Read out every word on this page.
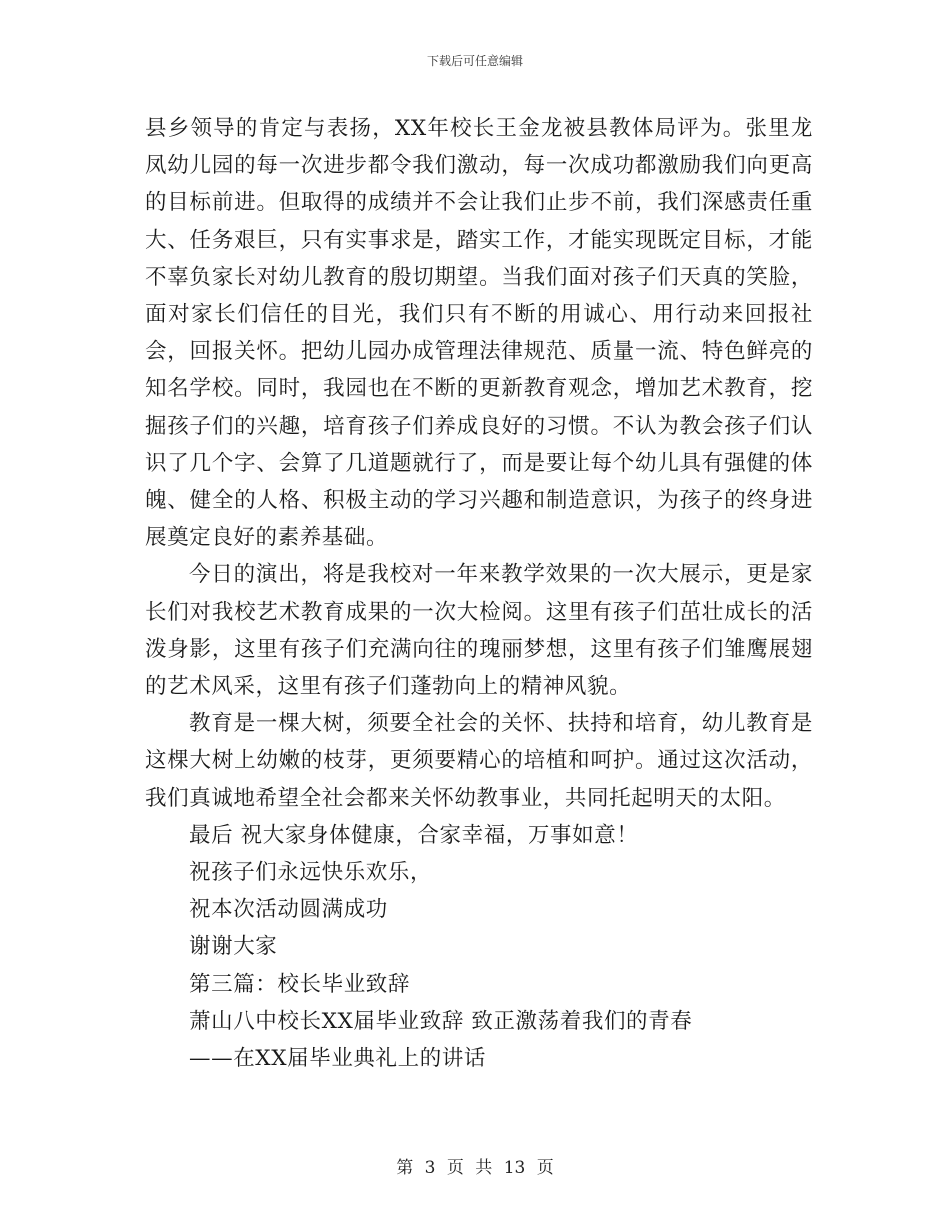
下载后可任意编辑

县乡领导的肯定与表扬，XX年校长王金龙被县教体局评为。张里龙凤幼儿园的每一次进步都令我们激动，每一次成功都激励我们向更高的目标前进。但取得的成绩并不会让我们止步不前，我们深感责任重大、任务艰巨，只有实事求是，踏实工作，才能实现既定目标，才能不辜负家长对幼儿教育的殷切期望。当我们面对孩子们天真的笑脸，面对家长们信任的目光，我们只有不断的用诚心、用行动来回报社会，回报关怀。把幼儿园办成管理法律规范、质量一流、特色鲜亮的知名学校。同时，我园也在不断的更新教育观念，增加艺术教育，挖掘孩子们的兴趣，培育孩子们养成良好的习惯。不认为教会孩子们认识了几个字、会算了几道题就行了，而是要让每个幼儿具有强健的体魄、健全的人格、积极主动的学习兴趣和制造意识，为孩子的终身进展奠定良好的素养基础。

今日的演出，将是我校对一年来教学效果的一次大展示，更是家长们对我校艺术教育成果的一次大检阅。这里有孩子们茁壮成长的活泼身影，这里有孩子们充满向往的瑰丽梦想，这里有孩子们雏鹰展翅的艺术风采，这里有孩子们蓬勃向上的精神风貌。

教育是一棵大树，须要全社会的关怀、扶持和培育，幼儿教育是这棵大树上幼嫩的枝芽，更须要精心的培植和呵护。通过这次活动，我们真诚地希望全社会都来关怀幼教事业，共同托起明天的太阳。

最后 祝大家身体健康，合家幸福，万事如意！

祝孩子们永远快乐欢乐，

祝本次活动圆满成功

谢谢大家

第三篇：校长毕业致辞

萧山八中校长XX届毕业致辞 致正激荡着我们的青春

——在XX届毕业典礼上的讲话

第 3 页 共 13 页
